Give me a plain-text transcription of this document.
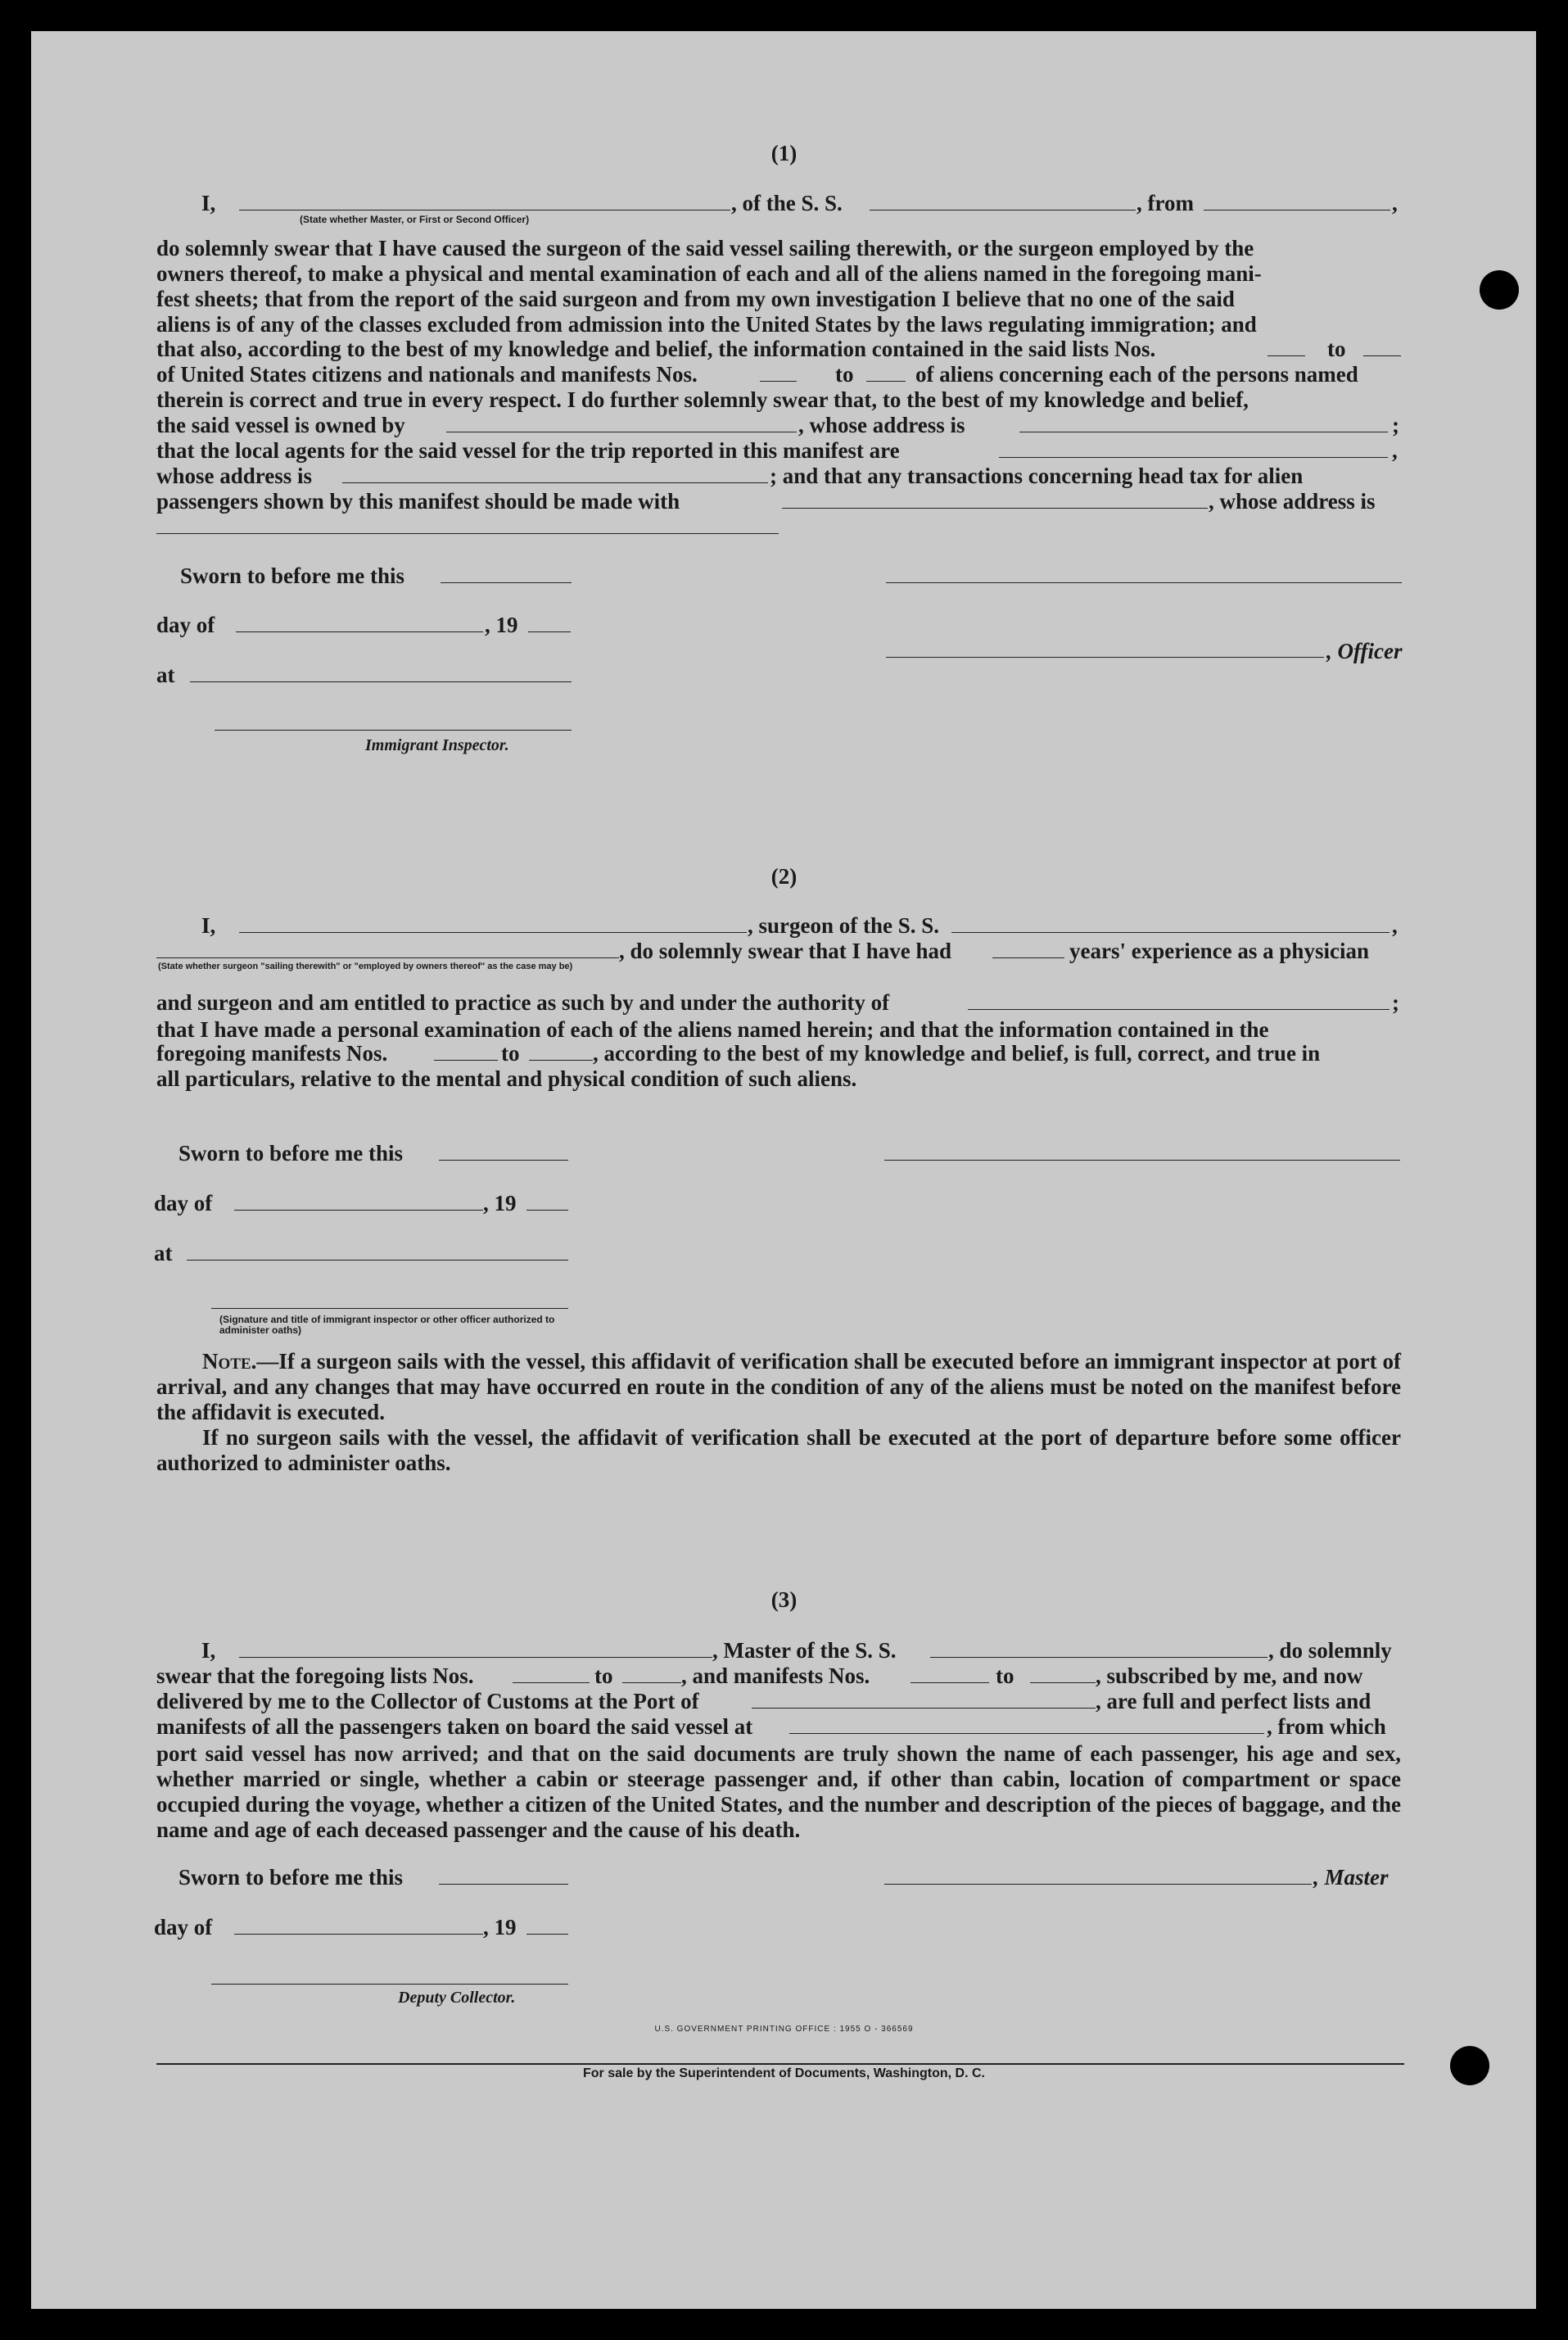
(1)
I,	, of the S. S.	, from	,
(State whether Master, or First or Second Officer)
do solemnly swear that I have caused the surgeon of the said vessel sailing therewith, or the surgeon employed by the
owners thereof, to make a physical and mental examination of each and all of the aliens named in the foregoing mani-
fest sheets; that from the report of the said surgeon and from my own investigation I believe that no one of the said
aliens is of any of the classes excluded from admission into the United States by the laws regulating immigration; and
that also, according to the best of my knowledge and belief, the information contained in the said lists Nos.	to
of United States citizens and nationals and manifests Nos.	to	of aliens concerning each of the persons named
therein is correct and true in every respect. I do further solemnly swear that, to the best of my knowledge and belief,
the said vessel is owned by	, whose address is	;
that the local agents for the said vessel for the trip reported in this manifest are	,
whose address is	; and that any transactions concerning head tax for alien
passengers shown by this manifest should be made with	, whose address is
Sworn to before me this
day of	, 19
, Officer
at
Immigrant Inspector.
(2)
I,	, surgeon of the S. S.	,
, do solemnly swear that I have had	years' experience as a physician
(State whether surgeon "sailing therewith" or "employed by owners thereof" as the case may be)
and surgeon and am entitled to practice as such by and under the authority of	;
that I have made a personal examination of each of the aliens named herein; and that the information contained in the
foregoing manifests Nos.	to	, according to the best of my knowledge and belief, is full, correct, and true in
all particulars, relative to the mental and physical condition of such aliens.
Sworn to before me this
day of	, 19
at
(Signature and title of immigrant inspector or other officer authorized to administer oaths)
Note.—If a surgeon sails with the vessel, this affidavit of verification shall be executed before an immigrant inspector at port of arrival, and any changes that may have occurred en route in the condition of any of the aliens must be noted on the manifest before the affidavit is executed.
If no surgeon sails with the vessel, the affidavit of verification shall be executed at the port of departure before some officer authorized to administer oaths.
(3)
I,	, Master of the S. S.	, do solemnly
swear that the foregoing lists Nos.	to	, and manifests Nos.	to	, subscribed by me, and now
delivered by me to the Collector of Customs at the Port of	, are full and perfect lists and
manifests of all the passengers taken on board the said vessel at	, from which
port said vessel has now arrived; and that on the said documents are truly shown the name of each passenger, his age and sex, whether married or single, whether a cabin or steerage passenger and, if other than cabin, location of compartment or space occupied during the voyage, whether a citizen of the United States, and the number and description of the pieces of baggage, and the name and age of each deceased passenger and the cause of his death.
Sworn to before me this	, Master
day of	, 19
Deputy Collector.
U.S. GOVERNMENT PRINTING OFFICE : 1955 O - 366569
For sale by the Superintendent of Documents, Washington, D. C.
